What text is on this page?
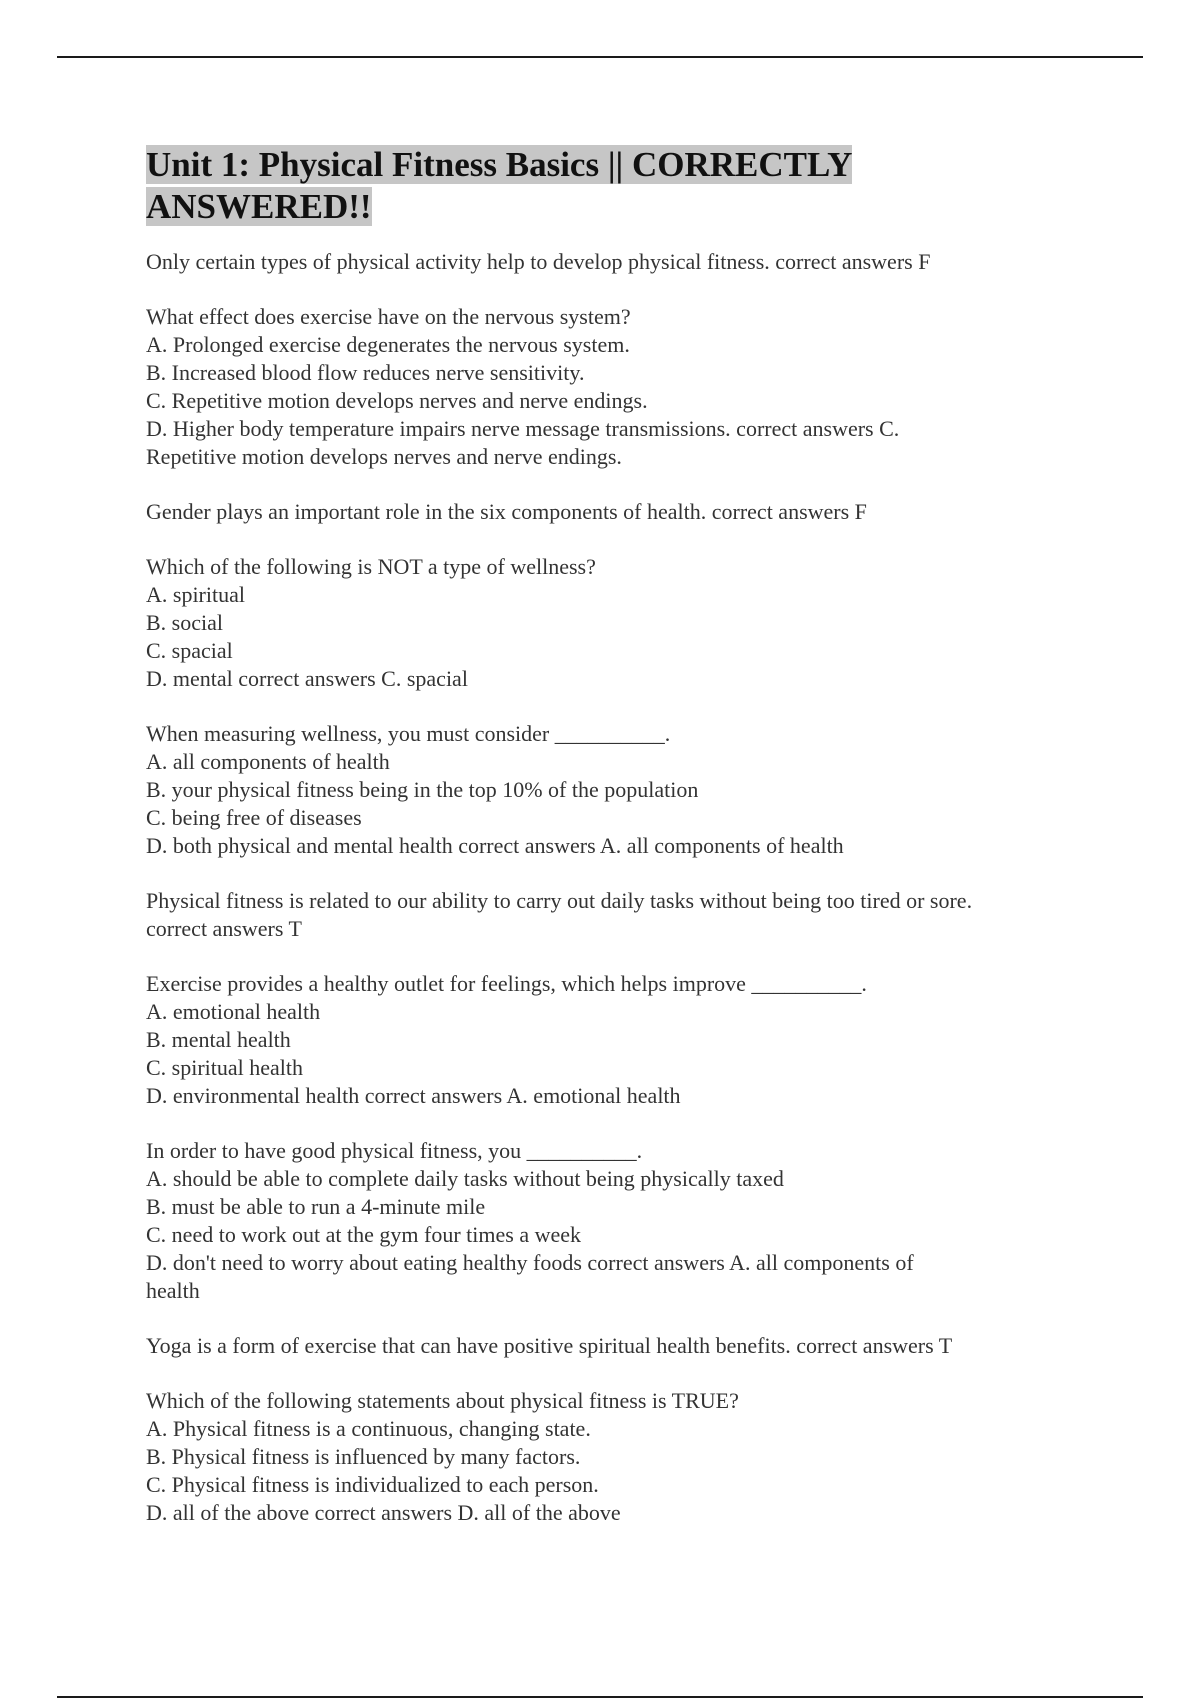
Unit 1: Physical Fitness Basics || CORRECTLY
ANSWERED!!

Only certain types of physical activity help to develop physical fitness. correct answers F

What effect does exercise have on the nervous system?
A. Prolonged exercise degenerates the nervous system.
B. Increased blood flow reduces nerve sensitivity.
C. Repetitive motion develops nerves and nerve endings.
D. Higher body temperature impairs nerve message transmissions. correct answers C.
Repetitive motion develops nerves and nerve endings.

Gender plays an important role in the six components of health. correct answers F

Which of the following is NOT a type of wellness?
A. spiritual
B. social
C. spacial
D. mental correct answers C. spacial

When measuring wellness, you must consider __________.
A. all components of health
B. your physical fitness being in the top 10% of the population
C. being free of diseases
D. both physical and mental health correct answers A. all components of health

Physical fitness is related to our ability to carry out daily tasks without being too tired or sore.
correct answers T

Exercise provides a healthy outlet for feelings, which helps improve __________.
A. emotional health
B. mental health
C. spiritual health
D. environmental health correct answers A. emotional health

In order to have good physical fitness, you __________.
A. should be able to complete daily tasks without being physically taxed
B. must be able to run a 4-minute mile
C. need to work out at the gym four times a week
D. don't need to worry about eating healthy foods correct answers A. all components of
health

Yoga is a form of exercise that can have positive spiritual health benefits. correct answers T

Which of the following statements about physical fitness is TRUE?
A. Physical fitness is a continuous, changing state.
B. Physical fitness is influenced by many factors.
C. Physical fitness is individualized to each person.
D. all of the above correct answers D. all of the above
